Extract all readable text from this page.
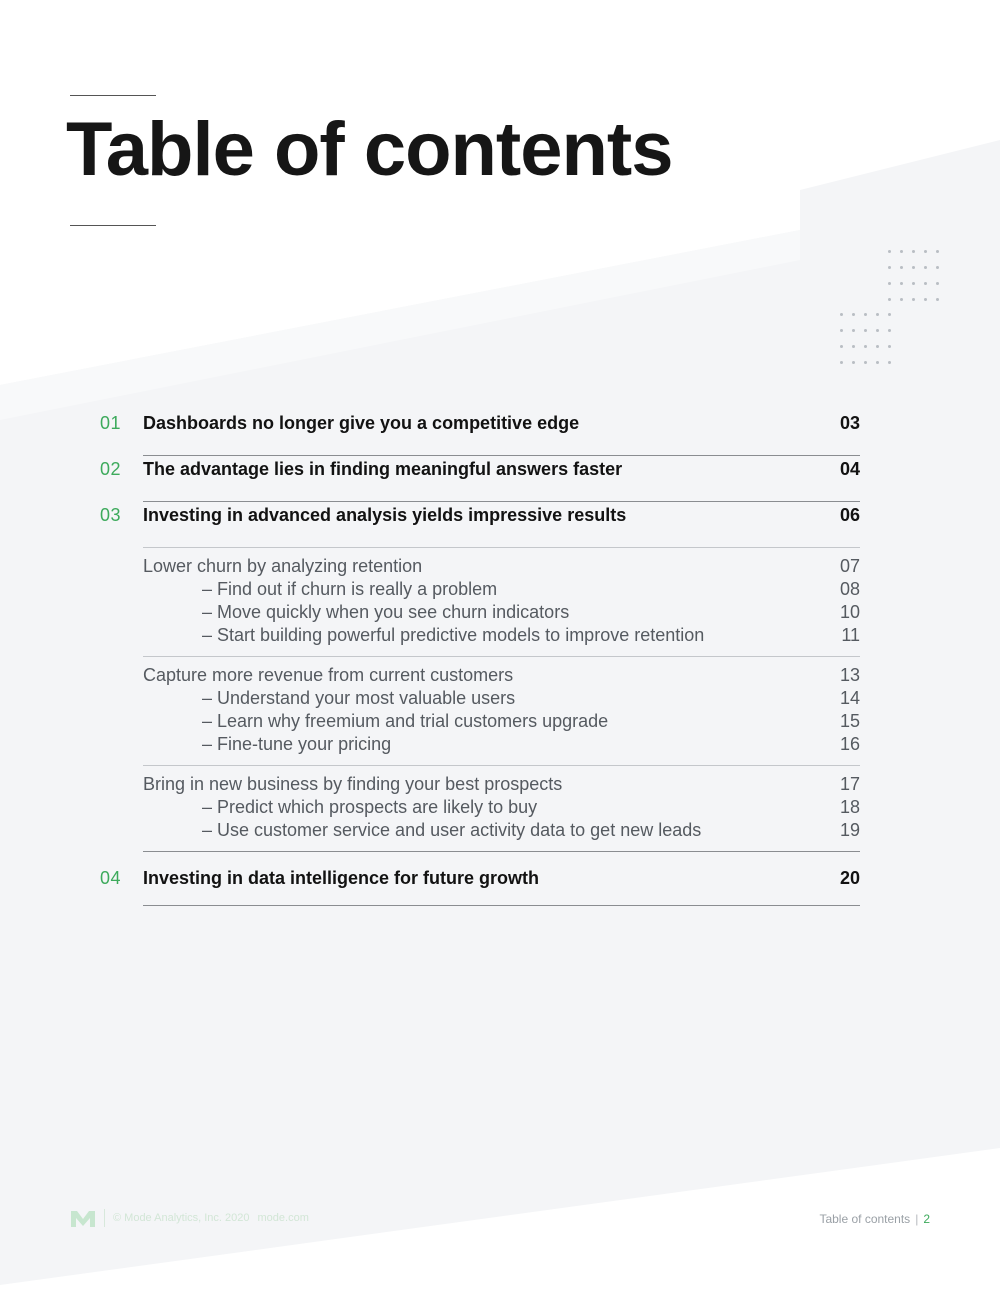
Table of contents
01 Dashboards no longer give you a competitive edge	03
02 The advantage lies in finding meaningful answers faster	04
03 Investing in advanced analysis yields impressive results	06
Lower churn by analyzing retention	07
– Find out if churn is really a problem	08
– Move quickly when you see churn indicators	10
– Start building powerful predictive models to improve retention	11
Capture more revenue from current customers	13
– Understand your most valuable users	14
– Learn why freemium and trial customers upgrade	15
– Fine-tune your pricing	16
Bring in new business by finding your best prospects	17
– Predict which prospects are likely to buy	18
– Use customer service and user activity data to get new leads	19
04 Investing in data intelligence for future growth	20
© Mode Analytics, Inc. 2020 mode.com	Table of contents | 2
